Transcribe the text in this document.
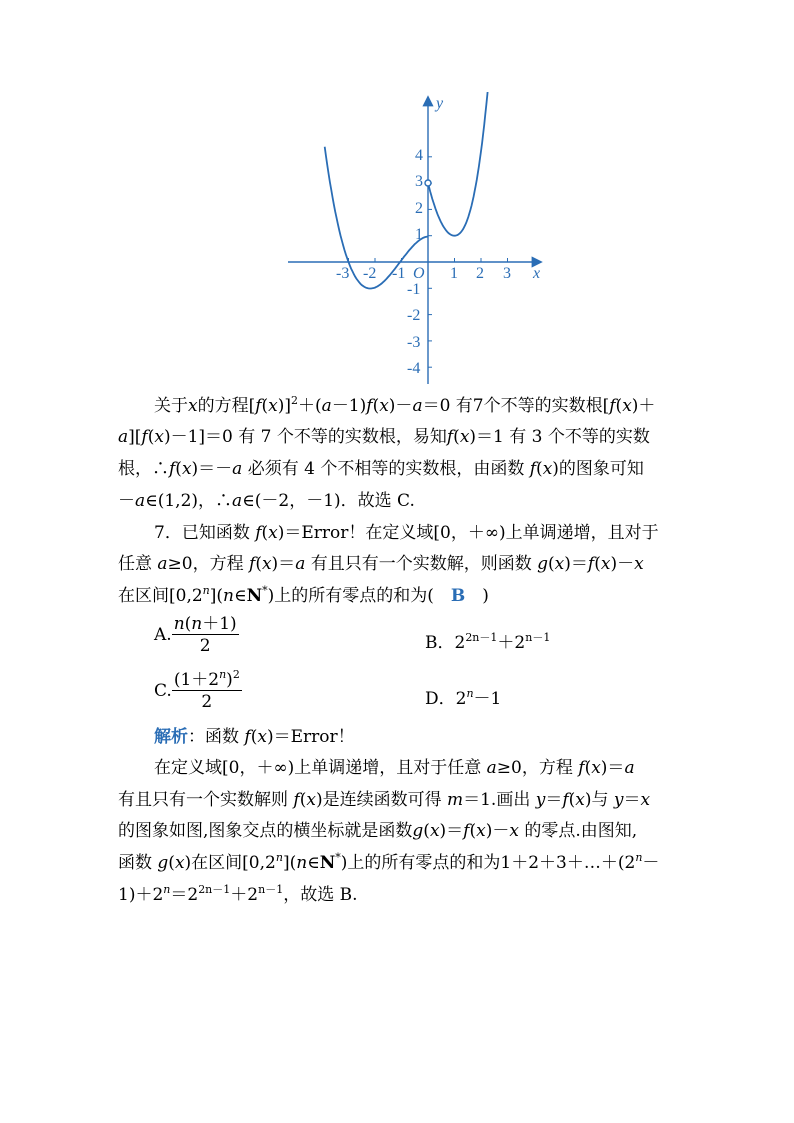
x
y
O
-3 -2 -1	1 2 3
4
3
2
1
-1
-2
-3
-4
关于x的方程$[f(x)]^2+(a-1)f(x)-a=0$ 有7个不等的实数根[f(x)＋
a][f(x)－1]＝0 有 7 个不等的实数根，易知f(x)＝1 有 3 个不等的实数
根，∴f(x)＝－a 必须有 4 个不相等的实数根，由函数 f(x)的图象可知
－a∈(1,2)，∴a∈(－2，－1)．故选 C.
7．已知函数 f(x)＝Error！在定义域[0，＋∞)上单调递增，且对于
任意 a≥0，方程 f(x)＝a 有且只有一个实数解，则函数 g(x)＝f(x)－x
在区间[0,2$^n$](n∈N*)上的所有零点的和为(　B　)
A. $\frac{n(n+1)}{2}$	B．$2^{2n-1}+2^{n-1}$
C. $\frac{(1+2^n)^2}{2}$	D．$2^n-1$
解析：函数 f(x)＝Error！
在定义域[0，＋∞)上单调递增，且对于任意 a≥0，方程 f(x)＝a
有且只有一个实数解则 f(x)是连续函数可得 m＝1.画出 y＝f(x)与 y＝x
的图象如图,图象交点的横坐标就是函数g(x)＝f(x)－x 的零点.由图知,
函数 g(x)在区间[0,2$^n$](n∈N*)上的所有零点的和为$1+2+3+\dots+(2^n-$
$1)+2^n=2^{2n-1}+2^{n-1}$，故选 B.
